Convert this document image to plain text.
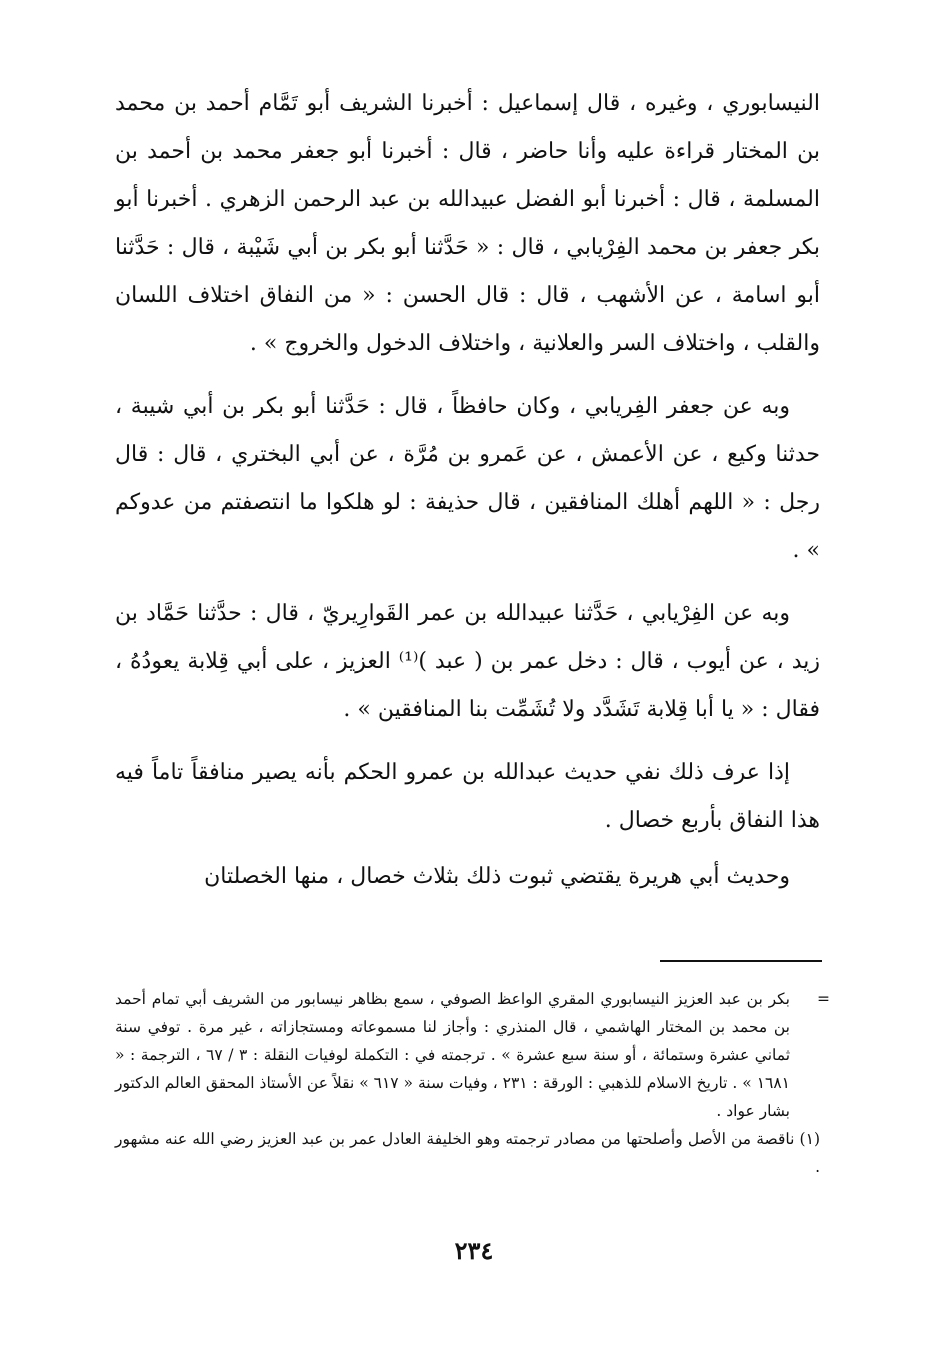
النيسابوري ، وغيره ، قال إسماعيل : أخبرنا الشريف أبو تَمَّام أحمد بن محمد بن المختار قراءة عليه وأنا حاضر ، قال : أخبرنا أبو جعفر محمد بن أحمد بن المسلمة ، قال : أخبرنا أبو الفضل عبيدالله بن عبد الرحمن الزهري . أخبرنا أبو بكر جعفر بن محمد الفِرْيابي ، قال : « حَدَّثنا أبو بكر بن أبي شَيْبة ، قال : حَدَّثنا أبو اسامة ، عن الأشهب ، قال : قال الحسن : « من النفاق اختلاف اللسان والقلب ، واختلاف السر والعلانية ، واختلاف الدخول والخروج » .

وبه عن جعفر الفِريابي ، وكان حافظاً ، قال : حَدَّثنا أبو بكر بن أبي شيبة ، حدثنا وكيع ، عن الأعمش ، عن عَمرو بن مُرَّة ، عن أبي البختري ، قال : قال رجل : « اللهم أهلك المنافقين ، قال حذيفة : لو هلكوا ما انتصفتم من عدوكم » .

وبه عن الفِرْيابي ، حَدَّثنا عبيدالله بن عمر القَوارِيريّ ، قال : حدَّثنا حَمَّاد بن زيد ، عن أيوب ، قال : دخل عمر بن ( عبد )⁽¹⁾ العزيز ، على أبي قِلابة يعودُهُ ، فقال : « يا أبا قِلابة تَشَدَّد ولا تُشَمِّت بنا المنافقين » .

إذا عرف ذلك نفي حديث عبدالله بن عمرو الحكم بأنه يصير منافقاً تاماً فيه هذا النفاق بأربع خصال .

وحديث أبي هريرة يقتضي ثبوت ذلك بثلاث خصال ، منها الخصلتان

=
بكر بن عبد العزيز النيسابوري المقري الواعظ الصوفي ، سمع بظاهر نيسابور من الشريف أبي تمام أحمد بن محمد بن المختار الهاشمي ، قال المنذري : وأجاز لنا مسموعاته ومستجازاته ، غير مرة . توفي سنة ثماني عشرة وستمائة ، أو سنة سبع عشرة » . ترجمته في : التكملة لوفيات النقلة : ٣ / ٦٧ ، الترجمة : « ١٦٨١ » . تاريخ الاسلام للذهبي : الورقة : ٢٣١ ، وفيات سنة « ٦١٧ » نقلاً عن الأستاذ المحقق العالم الدكتور بشار عواد .

(١) ناقصة من الأصل وأصلحتها من مصادر ترجمته وهو الخليفة العادل عمر بن عبد العزيز رضي الله عنه مشهور .

٢٣٤
